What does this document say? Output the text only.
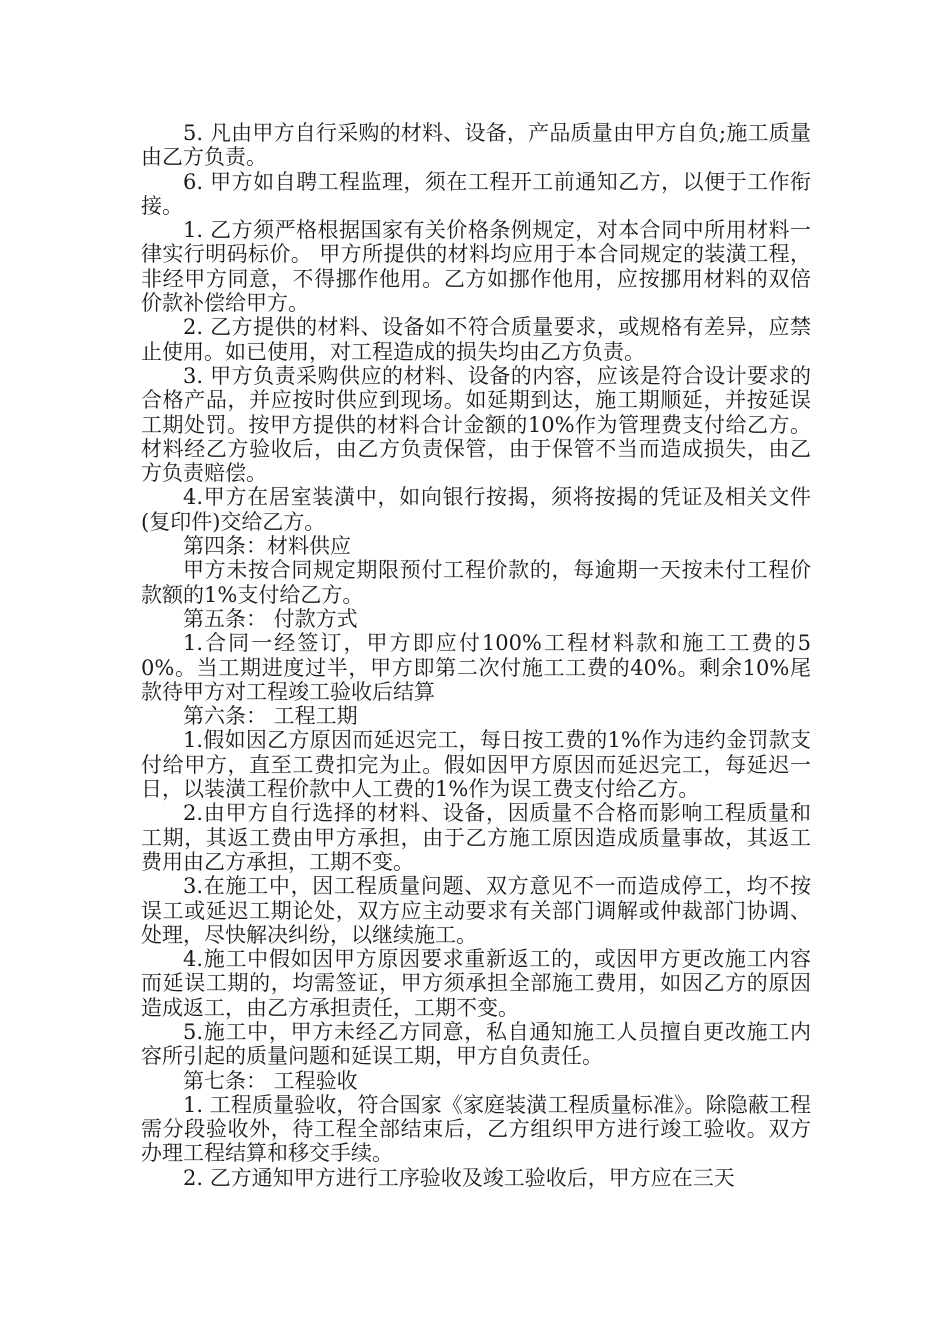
5. 凡由甲方自行采购的材料、设备，产品质量由甲方自负;施工质量由乙方负责。

6. 甲方如自聘工程监理，须在工程开工前通知乙方，以便于工作衔接。

1. 乙方须严格根据国家有关价格条例规定，对本合同中所用材料一律实行明码标价。 甲方所提供的材料均应用于本合同规定的装潢工程，非经甲方同意，不得挪作他用。乙方如挪作他用，应按挪用材料的双倍价款补偿给甲方。

2. 乙方提供的材料、设备如不符合质量要求，或规格有差异，应禁止使用。如已使用，对工程造成的损失均由乙方负责。

3. 甲方负责采购供应的材料、设备的内容，应该是符合设计要求的合格产品，并应按时供应到现场。如延期到达，施工期顺延，并按延误工期处罚。按甲方提供的材料合计金额的10%作为管理费支付给乙方。材料经乙方验收后，由乙方负责保管，由于保管不当而造成损失，由乙方负责赔偿。

4.甲方在居室装潢中，如向银行按揭，须将按揭的凭证及相关文件(复印件)交给乙方。

第四条：材料供应

甲方未按合同规定期限预付工程价款的，每逾期一天按未付工程价款额的1%支付给乙方。

第五条： 付款方式

1.合同一经签订，甲方即应付100%工程材料款和施工工费的50%。当工期进度过半，甲方即第二次付施工工费的40%。剩余10%尾款待甲方对工程竣工验收后结算

第六条： 工程工期

1.假如因乙方原因而延迟完工，每日按工费的1%作为违约金罚款支付给甲方，直至工费扣完为止。假如因甲方原因而延迟完工，每延迟一日，以装潢工程价款中人工费的1%作为误工费支付给乙方。

2.由甲方自行选择的材料、设备，因质量不合格而影响工程质量和工期，其返工费由甲方承担，由于乙方施工原因造成质量事故，其返工费用由乙方承担，工期不变。

3.在施工中，因工程质量问题、双方意见不一而造成停工，均不按误工或延迟工期论处，双方应主动要求有关部门调解或仲裁部门协调、处理，尽快解决纠纷，以继续施工。

4.施工中假如因甲方原因要求重新返工的，或因甲方更改施工内容而延误工期的，均需签证，甲方须承担全部施工费用，如因乙方的原因造成返工，由乙方承担责任，工期不变。

5.施工中，甲方未经乙方同意，私自通知施工人员擅自更改施工内容所引起的质量问题和延误工期，甲方自负责任。

第七条： 工程验收

1. 工程质量验收，符合国家《家庭装潢工程质量标准》。除隐蔽工程需分段验收外，待工程全部结束后，乙方组织甲方进行竣工验收。双方办理工程结算和移交手续。

2. 乙方通知甲方进行工序验收及竣工验收后，甲方应在三天
